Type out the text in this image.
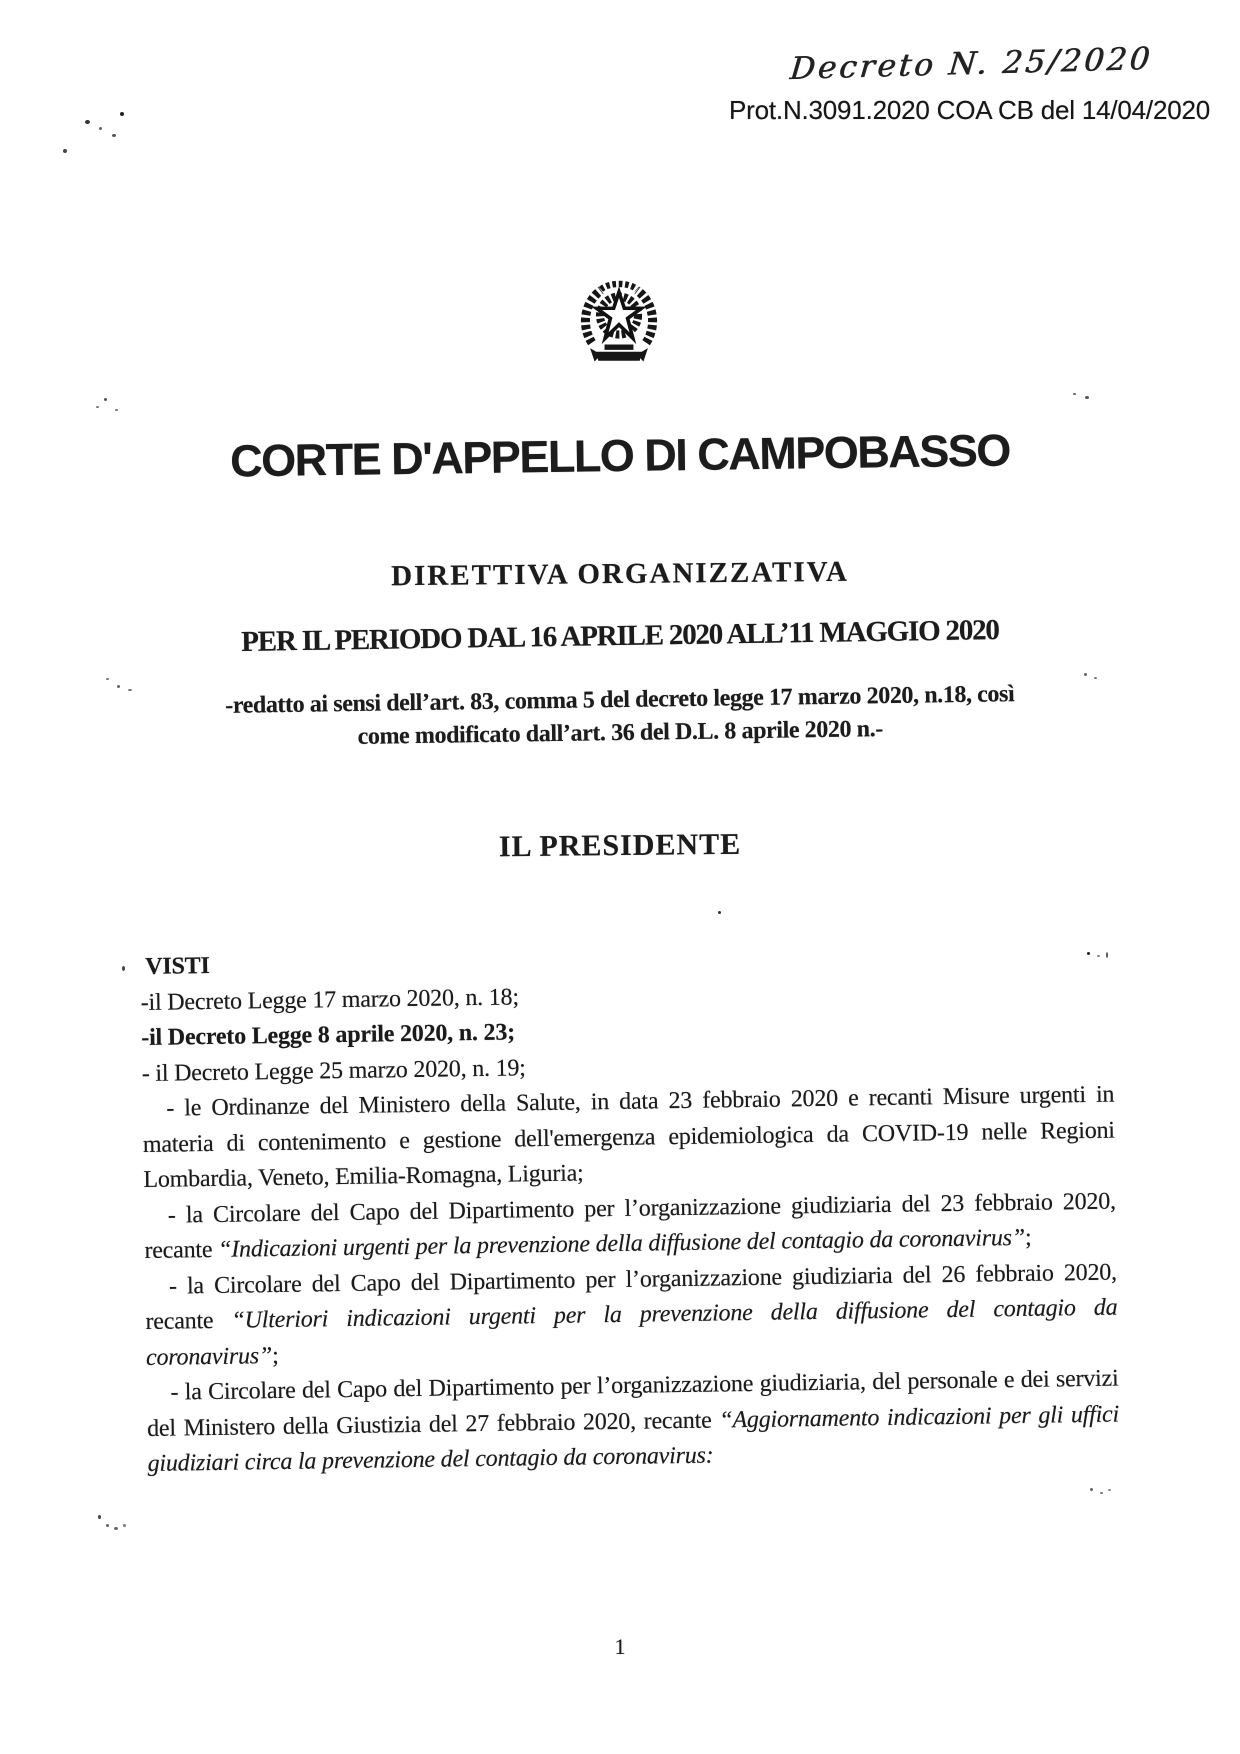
Decreto N. 25/2020
Prot.N.3091.2020 COA CB del 14/04/2020
CORTE D'APPELLO DI CAMPOBASSO
DIRETTIVA ORGANIZZATIVA
PER IL PERIODO DAL 16 APRILE 2020 ALL’11 MAGGIO 2020
-redatto ai sensi dell’art. 83, comma 5 del decreto legge 17 marzo 2020, n.18, così
come modificato dall’art. 36 del D.L. 8 aprile 2020 n.-
IL PRESIDENTE

VISTI

-il Decreto Legge 17 marzo 2020, n. 18;

-il Decreto Legge 8 aprile 2020, n. 23;

- il Decreto Legge 25 marzo 2020, n. 19;

- le Ordinanze del Ministero della Salute, in data 23 febbraio 2020 e recanti Misure urgenti in materia di contenimento e gestione dell'emergenza epidemiologica da COVID-19 nelle Regioni Lombardia, Veneto, Emilia-Romagna, Liguria;

- la Circolare del Capo del Dipartimento per l’organizzazione giudiziaria del 23 febbraio 2020, recante “Indicazioni urgenti per la prevenzione della diffusione del contagio da coronavirus”;

- la Circolare del Capo del Dipartimento per l’organizzazione giudiziaria del 26 febbraio 2020, recante “Ulteriori indicazioni urgenti per la prevenzione della diffusione del contagio da coronavirus”;

- la Circolare del Capo del Dipartimento per l’organizzazione giudiziaria, del personale e dei servizi del Ministero della Giustizia del 27 febbraio 2020, recante “Aggiornamento indicazioni per gli uffici giudiziari circa la prevenzione del contagio da coronavirus:

1
